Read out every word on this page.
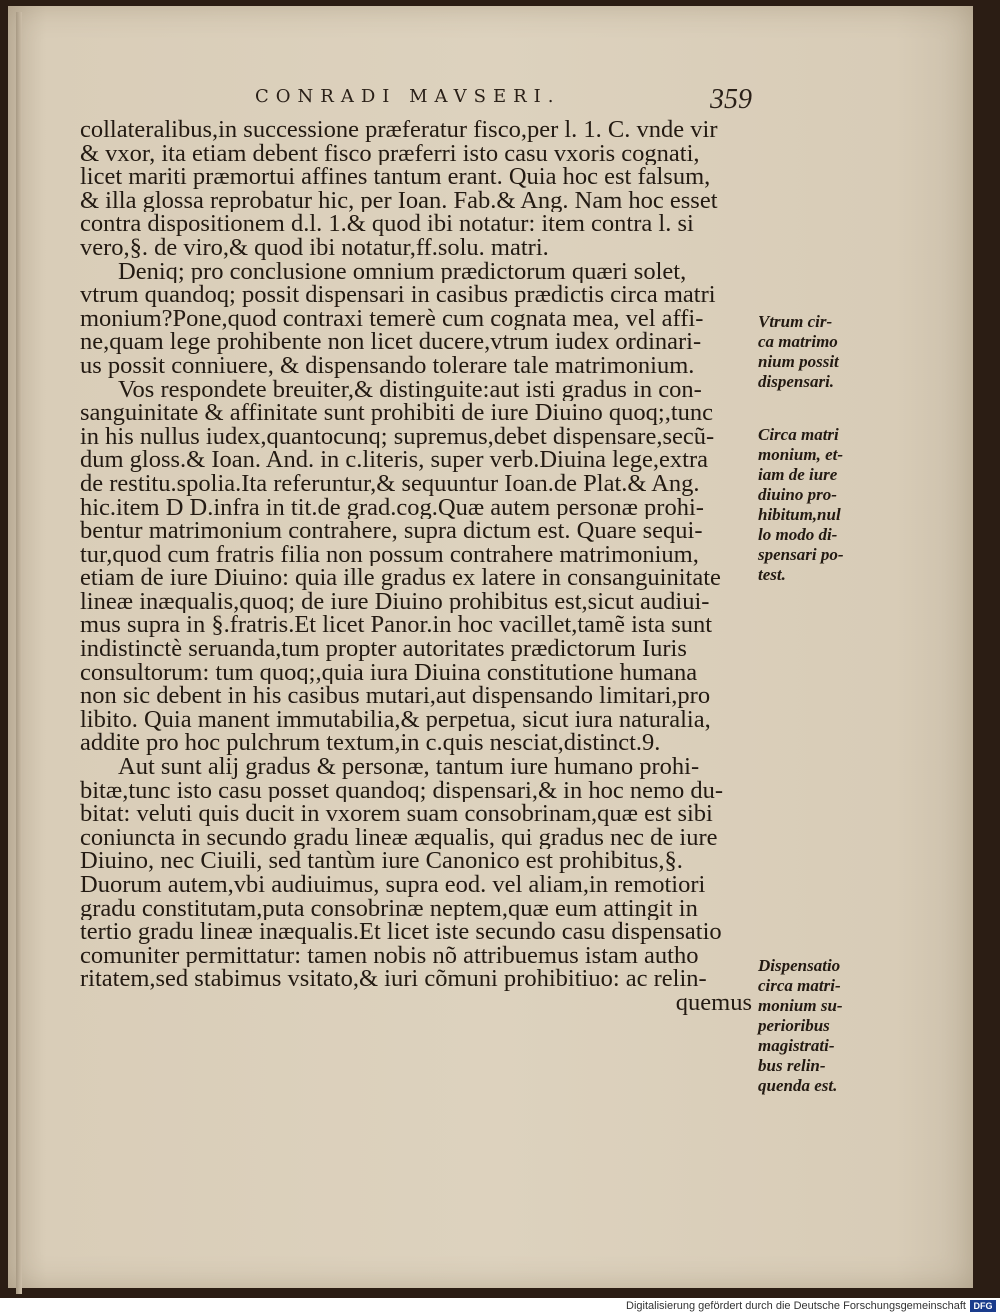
CONRADI MAVSERI.	359
collateralibus,in successione præferatur fisco,per l. 1. C. vnde vir
& vxor, ita etiam debent fisco præferri isto casu vxoris cognati,
licet mariti præmortui affines tantum erant. Quia hoc est falsum,
& illa glossa reprobatur hic, per Ioan. Fab.& Ang. Nam hoc esset
contra dispositionem d.l. 1.& quod ibi notatur: item contra l. si
vero,§. de viro,& quod ibi notatur,ff.solu. matri.
Deniq; pro conclusione omnium prædictorum quæri solet,
vtrum quandoq; possit dispensari in casibus prædictis circa matri
monium?Pone,quod contraxi temerè cum cognata mea, vel affi-
ne,quam lege prohibente non licet ducere,vtrum iudex ordinari-
us possit conniuere, & dispensando tolerare tale matrimonium.
Vos respondete breuiter,& distinguite:aut isti gradus in con-
sanguinitate & affinitate sunt prohibiti de iure Diuino quoq;,tunc
in his nullus iudex,quantocunq; supremus,debet dispensare,secũ-
dum gloss.& Ioan. And. in c.literis, super verb.Diuina lege,extra
de restitu.spolia.Ita referuntur,& sequuntur Ioan.de Plat.& Ang.
hic.item D D.infra in tit.de grad.cog.Quæ autem personæ prohi-
bentur matrimonium contrahere, supra dictum est. Quare sequi-
tur,quod cum fratris filia non possum contrahere matrimonium,
etiam de iure Diuino: quia ille gradus ex latere in consanguinitate
lineæ inæqualis,quoq; de iure Diuino prohibitus est,sicut audiui-
mus supra in §.fratris.Et licet Panor.in hoc vacillet,tamẽ ista sunt
indistinctè seruanda,tum propter autoritates prædictorum Iuris
consultorum: tum quoq;,quia iura Diuina constitutione humana
non sic debent in his casibus mutari,aut dispensando limitari,pro
libito. Quia manent immutabilia,& perpetua, sicut iura naturalia,
addite pro hoc pulchrum textum,in c.quis nesciat,distinct.9.
Aut sunt alij gradus & personæ, tantum iure humano prohi-
bitæ,tunc isto casu posset quandoq; dispensari,& in hoc nemo du-
bitat: veluti quis ducit in vxorem suam consobrinam,quæ est sibi
coniuncta in secundo gradu lineæ æqualis, qui gradus nec de iure
Diuino, nec Ciuili, sed tantùm iure Canonico est prohibitus,§.
Duorum autem,vbi audiuimus, supra eod. vel aliam,in remotiori
gradu constitutam,puta consobrinæ neptem,quæ eum attingit in
tertio gradu lineæ inæqualis.Et licet iste secundo casu dispensatio
comuniter permittatur: tamen nobis nõ attribuemus istam autho
ritatem,sed stabimus vsitato,& iuri cõmuni prohibitiuo: ac relin-
quemus
Vtrum cir-
ca matrimo
nium possit
dispensari.
Circa matri
monium, et-
iam de iure
diuino pro-
hibitum,nul
lo modo di-
spensari po-
test.
Dispensatio
circa matri-
monium su-
perioribus
magistrati-
bus relin-
quenda est.
Digitalisierung gefördert durch die Deutsche Forschungsgemeinschaft DFG
